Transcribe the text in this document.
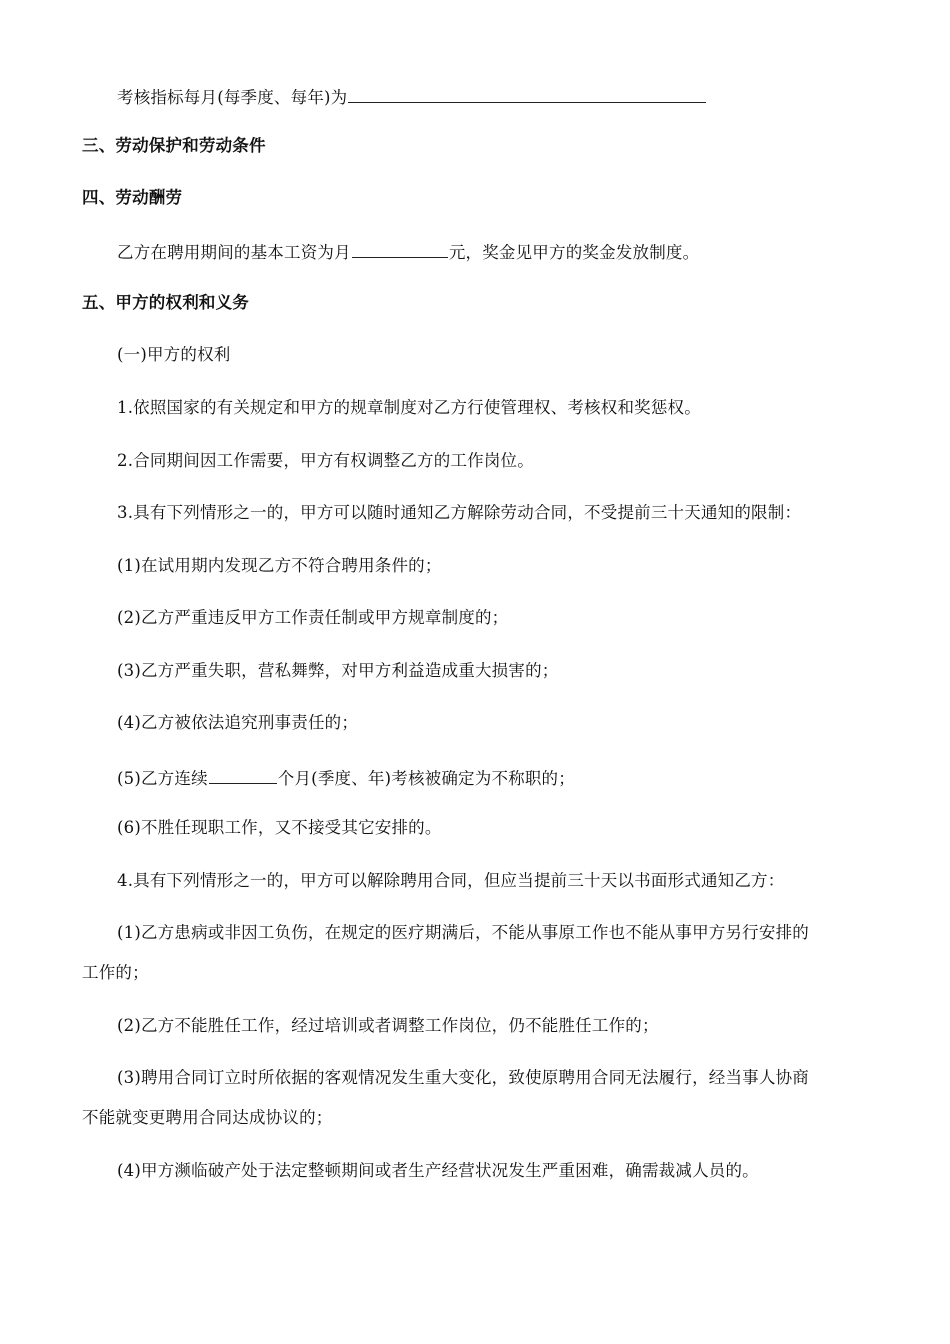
考核指标每月(每季度、每年)为
三、劳动保护和劳动条件
四、劳动酬劳
乙方在聘用期间的基本工资为月	元，奖金见甲方的奖金发放制度。
五、甲方的权利和义务
(一)甲方的权利
1.依照国家的有关规定和甲方的规章制度对乙方行使管理权、考核权和奖惩权。
2.合同期间因工作需要，甲方有权调整乙方的工作岗位。
3.具有下列情形之一的，甲方可以随时通知乙方解除劳动合同，不受提前三十天通知的限制：
(1)在试用期内发现乙方不符合聘用条件的；
(2)乙方严重违反甲方工作责任制或甲方规章制度的；
(3)乙方严重失职，营私舞弊，对甲方利益造成重大损害的；
(4)乙方被依法追究刑事责任的；
(5)乙方连续	个月(季度、年)考核被确定为不称职的；
(6)不胜任现职工作，又不接受其它安排的。
4.具有下列情形之一的，甲方可以解除聘用合同，但应当提前三十天以书面形式通知乙方：
(1)乙方患病或非因工负伤，在规定的医疗期满后，不能从事原工作也不能从事甲方另行安排的
工作的；
(2)乙方不能胜任工作，经过培训或者调整工作岗位，仍不能胜任工作的；
(3)聘用合同订立时所依据的客观情况发生重大变化，致使原聘用合同无法履行，经当事人协商
不能就变更聘用合同达成协议的；
(4)甲方濒临破产处于法定整顿期间或者生产经营状况发生严重困难，确需裁减人员的。
